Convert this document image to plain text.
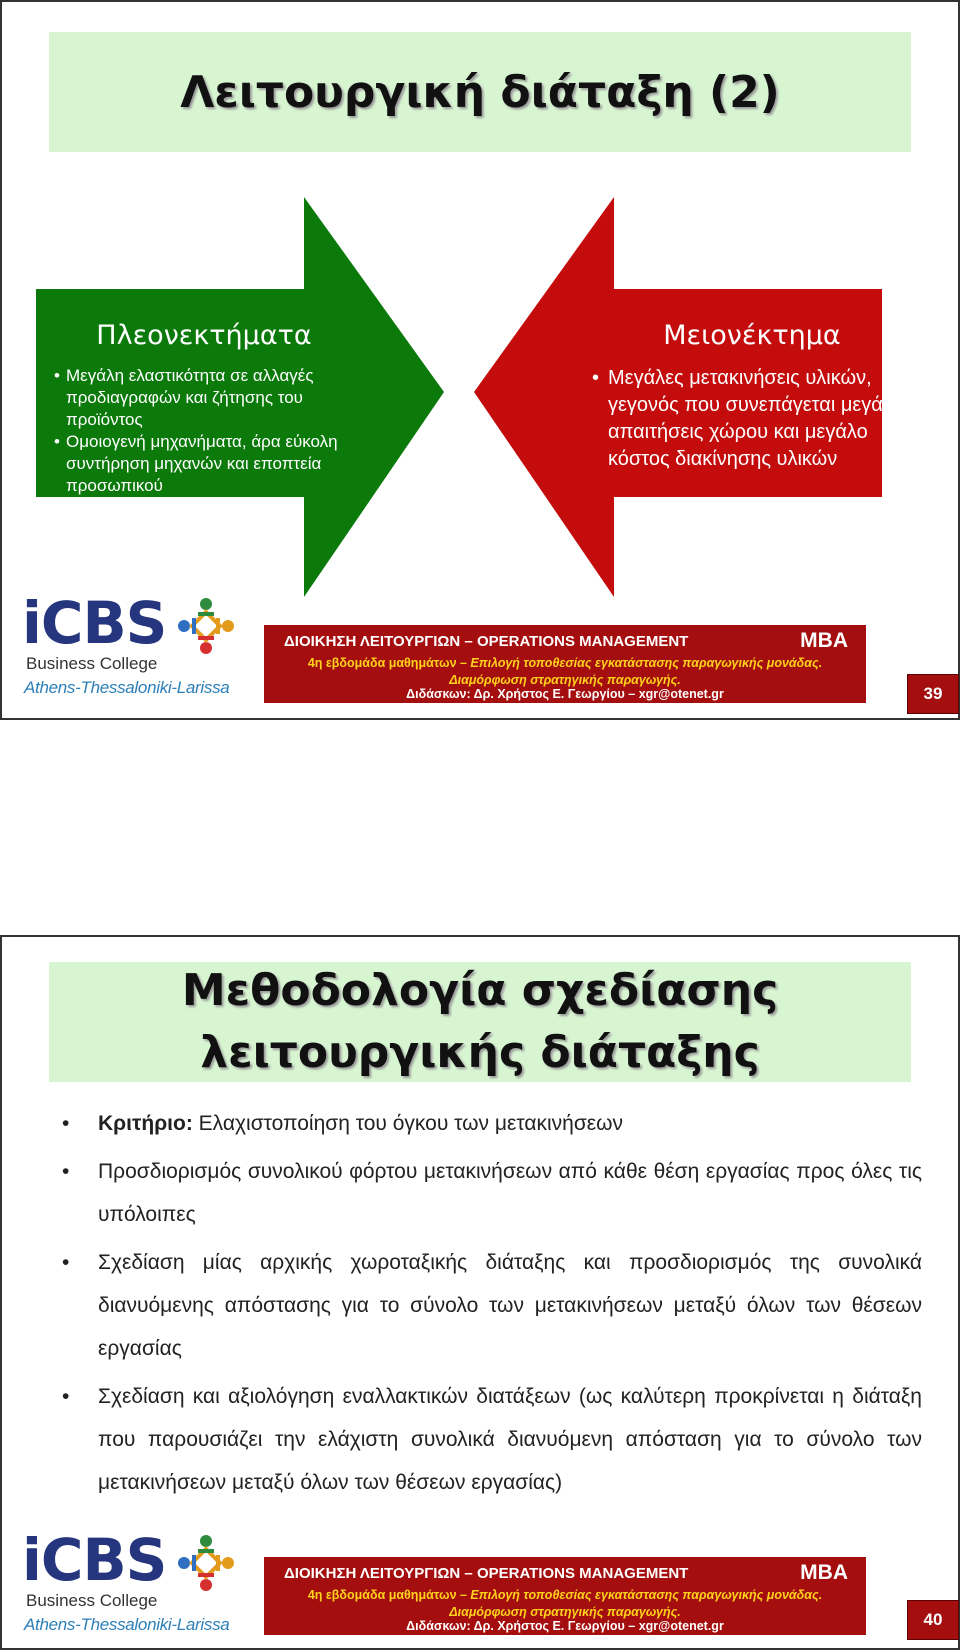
Λειτουργική διάταξη (2)
Πλεονεκτήματα
• Μεγάλη ελαστικότητα σε αλλαγές προδιαγραφών και ζήτησης του προϊόντος
• Ομοιογενή μηχανήματα, άρα εύκολη συντήρηση μηχανών και εποπτεία προσωπικού
Μειονέκτημα
• Μεγάλες μετακινήσεις υλικών, γεγονός που συνεπάγεται μεγάλες απαιτήσεις χώρου και μεγάλο κόστος διακίνησης υλικών
iCBS
Business College
Athens-Thessaloniki-Larissa
ΔΙΟΙΚΗΣΗ ΛΕΙΤΟΥΡΓΙΩΝ – OPERATIONS MANAGEMENT	MBA
4η εβδομάδα μαθημάτων – Επιλογή τοποθεσίας εγκατάστασης παραγωγικής μονάδας.
Διαμόρφωση στρατηγικής παραγωγής.
Διδάσκων: Δρ. Χρήστος Ε. Γεωργίου – xgr@otenet.gr	39
Μεθοδολογία σχεδίασης
λειτουργικής διάταξης
• Κριτήριο: Ελαχιστοποίηση του όγκου των μετακινήσεων
• Προσδιορισμός συνολικού φόρτου μετακινήσεων από κάθε θέση εργασίας προς όλες τις υπόλοιπες
• Σχεδίαση μίας αρχικής χωροταξικής διάταξης και προσδιορισμός της συνολικά διανυόμενης απόστασης για το σύνολο των μετακινήσεων μεταξύ όλων των θέσεων εργασίας
• Σχεδίαση και αξιολόγηση εναλλακτικών διατάξεων (ως καλύτερη προκρίνεται η διάταξη που παρουσιάζει την ελάχιστη συνολικά διανυόμενη απόσταση για το σύνολο των μετακινήσεων μεταξύ όλων των θέσεων εργασίας)
iCBS
Business College
Athens-Thessaloniki-Larissa
ΔΙΟΙΚΗΣΗ ΛΕΙΤΟΥΡΓΙΩΝ – OPERATIONS MANAGEMENT	MBA
4η εβδομάδα μαθημάτων – Επιλογή τοποθεσίας εγκατάστασης παραγωγικής μονάδας.
Διαμόρφωση στρατηγικής παραγωγής.
Διδάσκων: Δρ. Χρήστος Ε. Γεωργίου – xgr@otenet.gr	40
